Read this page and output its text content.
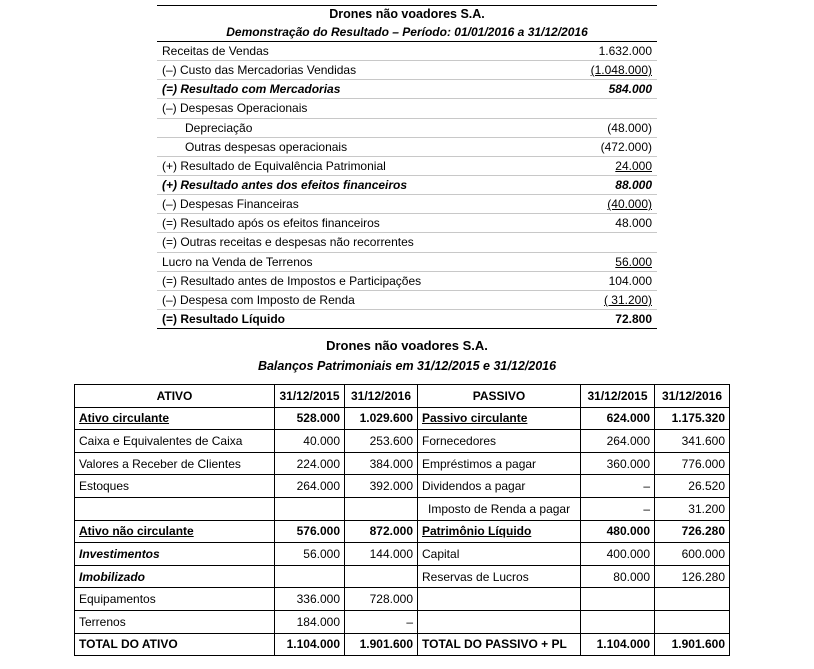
Drones não voadores S.A.
Demonstração do Resultado – Período: 01/01/2016 a 31/12/2016
Receitas de Vendas	1.632.000
(–) Custo das Mercadorias Vendidas	(1.048.000)
(=) Resultado com Mercadorias	584.000
(–) Despesas Operacionais
Depreciação	(48.000)
Outras despesas operacionais	(472.000)
(+) Resultado de Equivalência Patrimonial	24.000
(+) Resultado antes dos efeitos financeiros	88.000
(–) Despesas Financeiras	(40.000)
(=) Resultado após os efeitos financeiros	48.000
(=) Outras receitas e despesas não recorrentes
Lucro na Venda de Terrenos	56.000
(=) Resultado antes de Impostos e Participações	104.000
(–) Despesa com Imposto de Renda	( 31.200)
(=) Resultado Líquido	72.800
Drones não voadores S.A.
Balanços Patrimoniais em 31/12/2015 e 31/12/2016
ATIVO	31/12/2015	31/12/2016	PASSIVO	31/12/2015	31/12/2016
Ativo circulante	528.000	1.029.600	Passivo circulante	624.000	1.175.320
Caixa e Equivalentes de Caixa	40.000	253.600	Fornecedores	264.000	341.600
Valores a Receber de Clientes	224.000	384.000	Empréstimos a pagar	360.000	776.000
Estoques	264.000	392.000	Dividendos a pagar	–	26.520
			Imposto de Renda a pagar	–	31.200
Ativo não circulante	576.000	872.000	Patrimônio Líquido	480.000	726.280
Investimentos	56.000	144.000	Capital	400.000	600.000
Imobilizado			Reservas de Lucros	80.000	126.280
Equipamentos	336.000	728.000			
Terrenos	184.000	–			
TOTAL DO ATIVO	1.104.000	1.901.600	TOTAL DO PASSIVO + PL	1.104.000	1.901.600
